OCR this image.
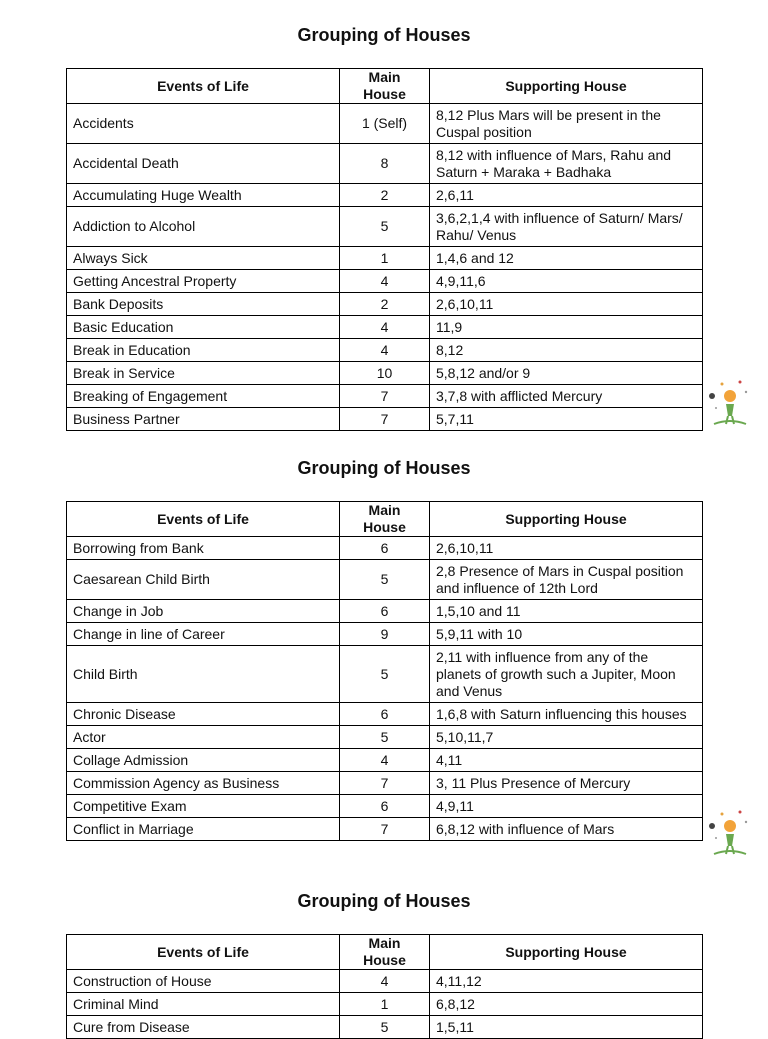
Grouping of Houses
Events of Life	Main House	Supporting House
Accidents	1 (Self)	8,12 Plus Mars will be present in the Cuspal position
Accidental Death	8	8,12 with influence of Mars, Rahu and Saturn + Maraka + Badhaka
Accumulating Huge Wealth	2	2,6,11
Addiction to Alcohol	5	3,6,2,1,4 with influence of Saturn/ Mars/ Rahu/ Venus
Always Sick	1	1,4,6 and 12
Getting Ancestral Property	4	4,9,11,6
Bank Deposits	2	2,6,10,11
Basic Education	4	11,9
Break in Education	4	8,12
Break in Service	10	5,8,12 and/or 9
Breaking of Engagement	7	3,7,8 with afflicted Mercury
Business Partner	7	5,7,11
Grouping of Houses
Events of Life	Main House	Supporting House
Borrowing from Bank	6	2,6,10,11
Caesarean Child Birth	5	2,8 Presence of Mars in Cuspal position and influence of 12th Lord
Change in Job	6	1,5,10 and 11
Change in line of Career	9	5,9,11 with 10
Child Birth	5	2,11 with influence from any of the planets of growth such a Jupiter, Moon and Venus
Chronic Disease	6	1,6,8 with Saturn influencing this houses
Actor	5	5,10,11,7
Collage Admission	4	4,11
Commission Agency as Business	7	3, 11 Plus Presence of Mercury
Competitive Exam	6	4,9,11
Conflict in Marriage	7	6,8,12 with influence of Mars
Grouping of Houses
Events of Life	Main House	Supporting House
Construction of House	4	4,11,12
Criminal Mind	1	6,8,12
Cure from Disease	5	1,5,11
